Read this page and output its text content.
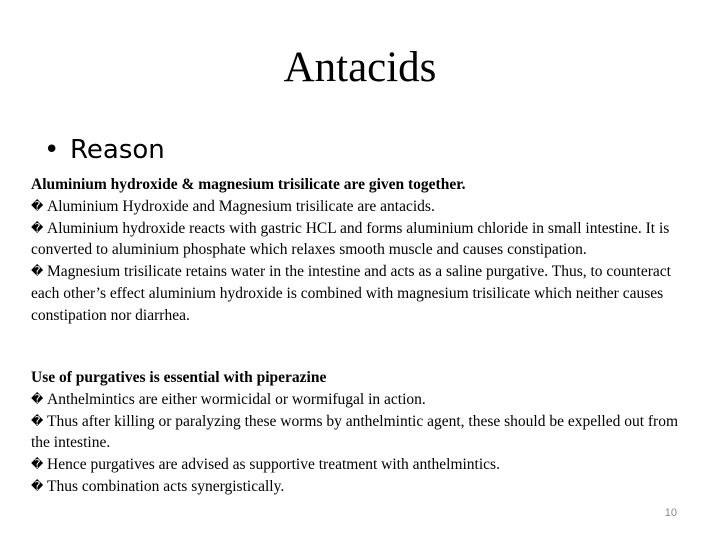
Antacids
• Reason
Aluminium hydroxide & magnesium trisilicate are given together.

� Aluminium Hydroxide and Magnesium trisilicate are antacids.

� Aluminium hydroxide reacts with gastric HCL and forms aluminium chloride in small intestine. It is converted to aluminium phosphate which relaxes smooth muscle and causes constipation.

� Magnesium trisilicate retains water in the intestine and acts as a saline purgative. Thus, to counteract each other’s effect aluminium hydroxide is combined with magnesium trisilicate which neither causes constipation nor diarrhea.

Use of purgatives is essential with piperazine

� Anthelmintics are either wormicidal or wormifugal in action.

� Thus after killing or paralyzing these worms by anthelmintic agent, these should be expelled out from the intestine.

� Hence purgatives are advised as supportive treatment with anthelmintics.

� Thus combination acts synergistically.

10
